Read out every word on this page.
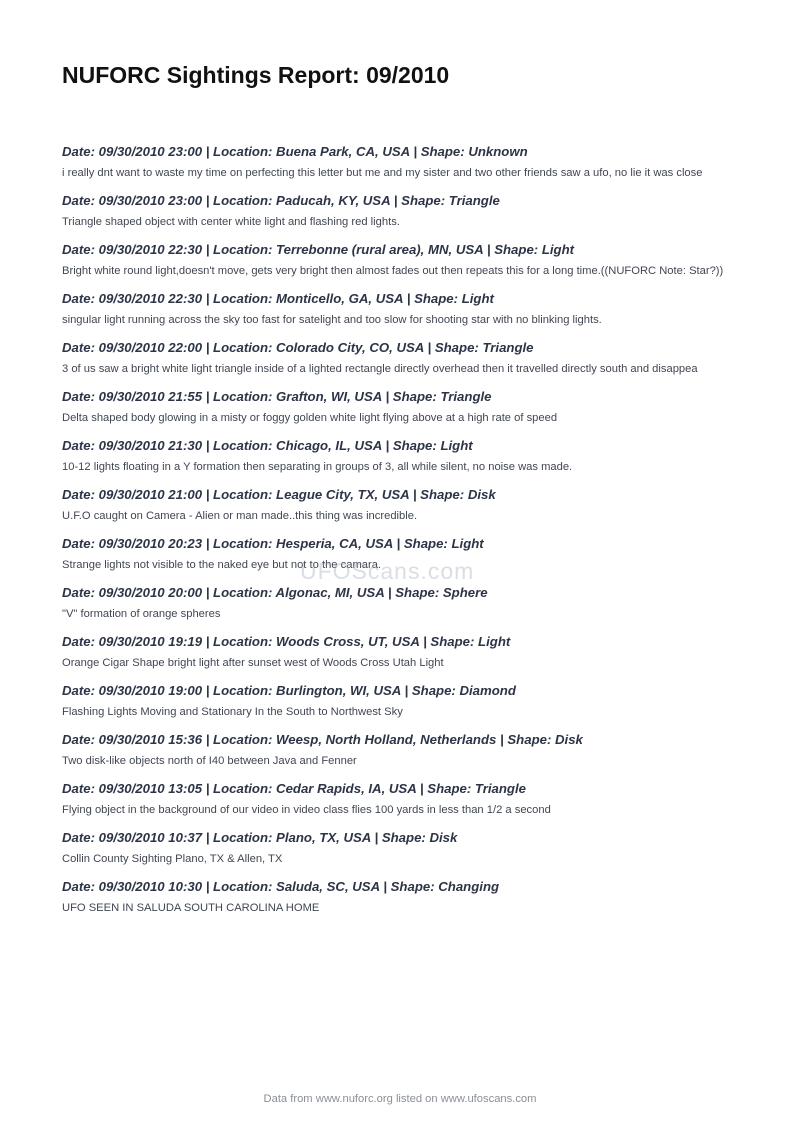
NUFORC Sightings Report: 09/2010
Date: 09/30/2010 23:00 | Location: Buena Park, CA, USA | Shape: Unknown
i really dnt want to waste my time on perfecting this letter but me and my sister and two other friends saw a ufo, no lie it was close
Date: 09/30/2010 23:00 | Location: Paducah, KY, USA | Shape: Triangle
Triangle shaped object with center white light and flashing red lights.
Date: 09/30/2010 22:30 | Location: Terrebonne (rural area), MN, USA | Shape: Light
Bright white round light,doesn't move, gets very bright then almost fades out then repeats this for a long time.((NUFORC Note: Star?))
Date: 09/30/2010 22:30 | Location: Monticello, GA, USA | Shape: Light
singular light running across the sky too fast for satelight and too slow for shooting star with no blinking lights.
Date: 09/30/2010 22:00 | Location: Colorado City, CO, USA | Shape: Triangle
3 of us saw a bright white light triangle inside of a lighted rectangle directly overhead then it travelled directly south and disappea
Date: 09/30/2010 21:55 | Location: Grafton, WI, USA | Shape: Triangle
Delta shaped body glowing in a misty or foggy golden white light flying above at a high rate of speed
Date: 09/30/2010 21:30 | Location: Chicago, IL, USA | Shape: Light
10-12 lights floating in a Y formation then separating in groups of 3, all while silent, no noise was made.
Date: 09/30/2010 21:00 | Location: League City, TX, USA | Shape: Disk
U.F.O caught on Camera - Alien or man made..this thing was incredible.
Date: 09/30/2010 20:23 | Location: Hesperia, CA, USA | Shape: Light
Strange lights not visible to the naked eye but not to the camara.
Date: 09/30/2010 20:00 | Location: Algonac, MI, USA | Shape: Sphere
"V" formation of orange spheres
Date: 09/30/2010 19:19 | Location: Woods Cross, UT, USA | Shape: Light
Orange Cigar Shape bright light after sunset west of Woods Cross Utah Light
Date: 09/30/2010 19:00 | Location: Burlington, WI, USA | Shape: Diamond
Flashing Lights Moving and Stationary In the South to Northwest Sky
Date: 09/30/2010 15:36 | Location: Weesp, North Holland, Netherlands | Shape: Disk
Two disk-like objects north of I40 between Java and Fenner
Date: 09/30/2010 13:05 | Location: Cedar Rapids, IA, USA | Shape: Triangle
Flying object in the background of our video in video class flies 100 yards in less than 1/2 a second
Date: 09/30/2010 10:37 | Location: Plano, TX, USA | Shape: Disk
Collin County Sighting Plano, TX & Allen, TX
Date: 09/30/2010 10:30 | Location: Saluda, SC, USA | Shape: Changing
UFO SEEN IN SALUDA SOUTH CAROLINA HOME
UFOScans.com
Data from www.nuforc.org listed on www.ufoscans.com
